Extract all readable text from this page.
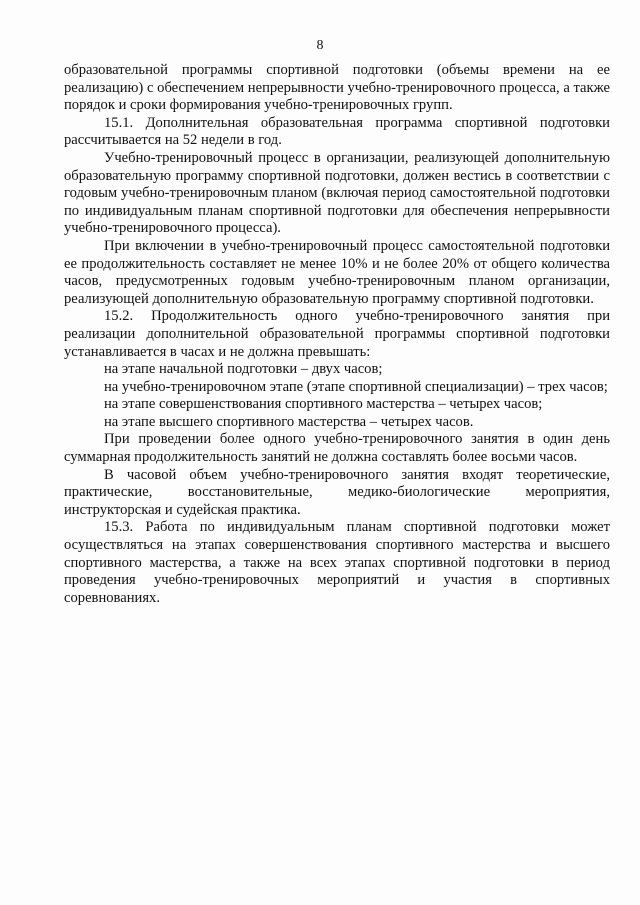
8

образовательной программы спортивной подготовки (объемы времени на ее реализацию) с обеспечением непрерывности учебно-тренировочного процесса, а также порядок и сроки формирования учебно-тренировочных групп.

15.1. Дополнительная образовательная программа спортивной подготовки рассчитывается на 52 недели в год.

Учебно-тренировочный процесс в организации, реализующей дополнительную образовательную программу спортивной подготовки, должен вестись в соответствии с годовым учебно-тренировочным планом (включая период самостоятельной подготовки по индивидуальным планам спортивной подготовки для обеспечения непрерывности учебно-тренировочного процесса).

При включении в учебно-тренировочный процесс самостоятельной подготовки ее продолжительность составляет не менее 10% и не более 20% от общего количества часов, предусмотренных годовым учебно-тренировочным планом организации, реализующей дополнительную образовательную программу спортивной подготовки.

15.2. Продолжительность одного учебно-тренировочного занятия при реализации дополнительной образовательной программы спортивной подготовки устанавливается в часах и не должна превышать:

на этапе начальной подготовки – двух часов;

на учебно-тренировочном этапе (этапе спортивной специализации) – трех часов;

на этапе совершенствования спортивного мастерства – четырех часов;

на этапе высшего спортивного мастерства – четырех часов.

При проведении более одного учебно-тренировочного занятия в один день суммарная продолжительность занятий не должна составлять более восьми часов.

В часовой объем учебно-тренировочного занятия входят теоретические, практические, восстановительные, медико-биологические мероприятия, инструкторская и судейская практика.

15.3. Работа по индивидуальным планам спортивной подготовки может осуществляться на этапах совершенствования спортивного мастерства и высшего спортивного мастерства, а также на всех этапах спортивной подготовки в период проведения учебно-тренировочных мероприятий и участия в спортивных соревнованиях.
